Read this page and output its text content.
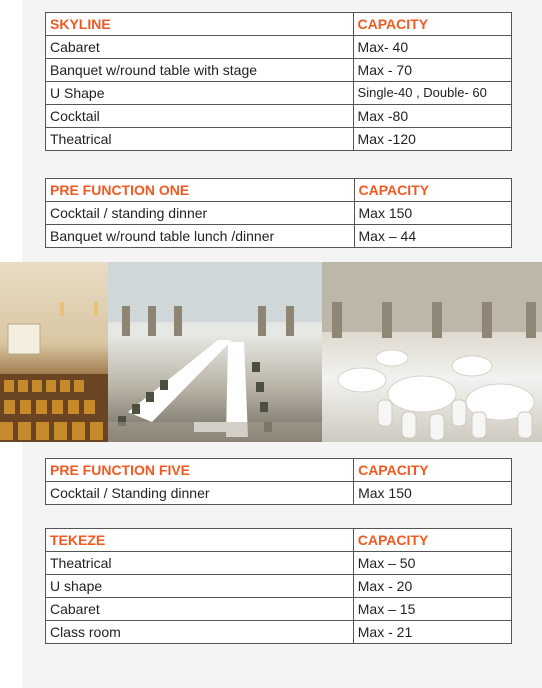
SKYLINE	CAPACITY
Cabaret	Max- 40
Banquet w/round table with stage	Max - 70
U Shape	Single-40 , Double- 60
Cocktail	Max -80
Theatrical	Max -120
PRE FUNCTION ONE	CAPACITY
Cocktail / standing dinner	Max 150
Banquet w/round table lunch /dinner	Max – 44
PRE FUNCTION FIVE	CAPACITY
Cocktail / Standing dinner	Max 150
TEKEZE	CAPACITY
Theatrical	Max – 50
U shape	Max - 20
Cabaret	Max – 15
Class room	Max - 21
